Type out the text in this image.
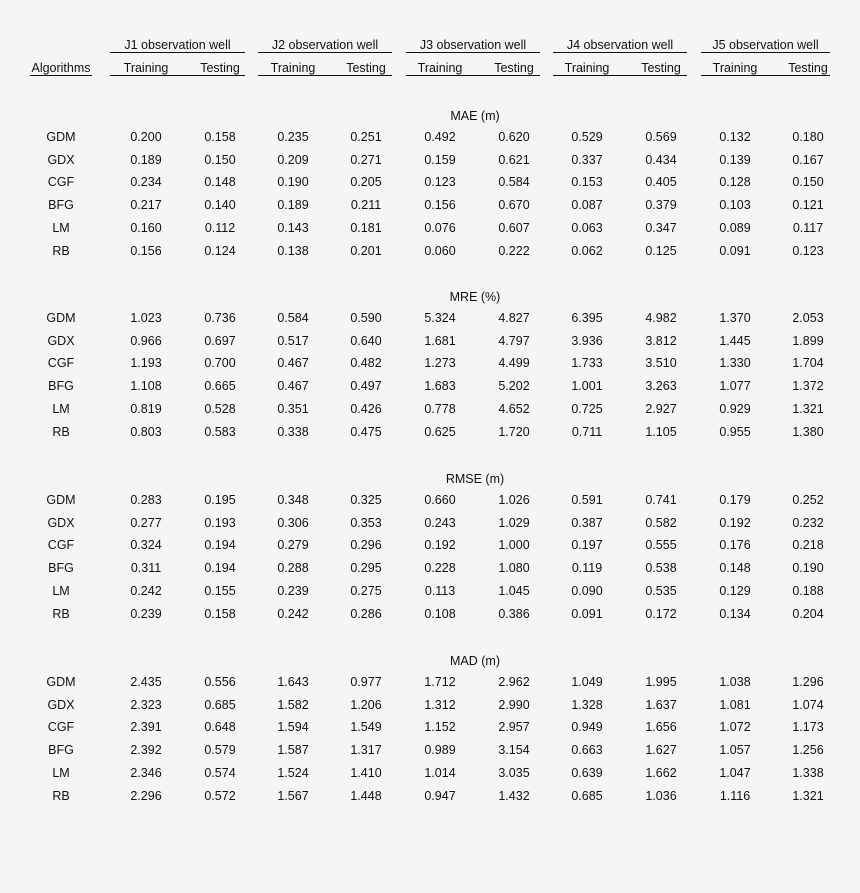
J1 observation well	J2 observation well	J3 observation well	J4 observation well	J5 observation well
Algorithms	Training	Testing Training Testing	Training	Testing Training	Testing	Training Testing
MAE (m)
GDM	0.200	0.158	0.235	0.251	0.492	0.620	0.529	0.569	0.132	0.180
GDX	0.189	0.150	0.209	0.271	0.159	0.621	0.337	0.434	0.139	0.167
CGF	0.234	0.148	0.190	0.205	0.123	0.584	0.153	0.405	0.128	0.150
BFG	0.217	0.140	0.189	0.211	0.156	0.670	0.087	0.379	0.103	0.121
LM	0.160	0.112	0.143	0.181	0.076	0.607	0.063	0.347	0.089	0.117
RB	0.156	0.124	0.138	0.201	0.060	0.222	0.062	0.125	0.091	0.123
MRE (%)
GDM	1.023	0.736	0.584	0.590	5.324	4.827	6.395	4.982	1.370	2.053
GDX	0.966	0.697	0.517	0.640	1.681	4.797	3.936	3.812	1.445	1.899
CGF	1.193	0.700	0.467	0.482	1.273	4.499	1.733	3.510	1.330	1.704
BFG	1.108	0.665	0.467	0.497	1.683	5.202	1.001	3.263	1.077	1.372
LM	0.819	0.528	0.351	0.426	0.778	4.652	0.725	2.927	0.929	1.321
RB	0.803	0.583	0.338	0.475	0.625	1.720	0.711	1.105	0.955	1.380
RMSE (m)
GDM	0.283	0.195	0.348	0.325	0.660	1.026	0.591	0.741	0.179	0.252
GDX	0.277	0.193	0.306	0.353	0.243	1.029	0.387	0.582	0.192	0.232
CGF	0.324	0.194	0.279	0.296	0.192	1.000	0.197	0.555	0.176	0.218
BFG	0.311	0.194	0.288	0.295	0.228	1.080	0.119	0.538	0.148	0.190
LM	0.242	0.155	0.239	0.275	0.113	1.045	0.090	0.535	0.129	0.188
RB	0.239	0.158	0.242	0.286	0.108	0.386	0.091	0.172	0.134	0.204
MAD (m)
GDM	2.435	0.556	1.643	0.977	1.712	2.962	1.049	1.995	1.038	1.296
GDX	2.323	0.685	1.582	1.206	1.312	2.990	1.328	1.637	1.081	1.074
CGF	2.391	0.648	1.594	1.549	1.152	2.957	0.949	1.656	1.072	1.173
BFG	2.392	0.579	1.587	1.317	0.989	3.154	0.663	1.627	1.057	1.256
LM	2.346	0.574	1.524	1.410	1.014	3.035	0.639	1.662	1.047	1.338
RB	2.296	0.572	1.567	1.448	0.947	1.432	0.685	1.036	1.116	1.321
